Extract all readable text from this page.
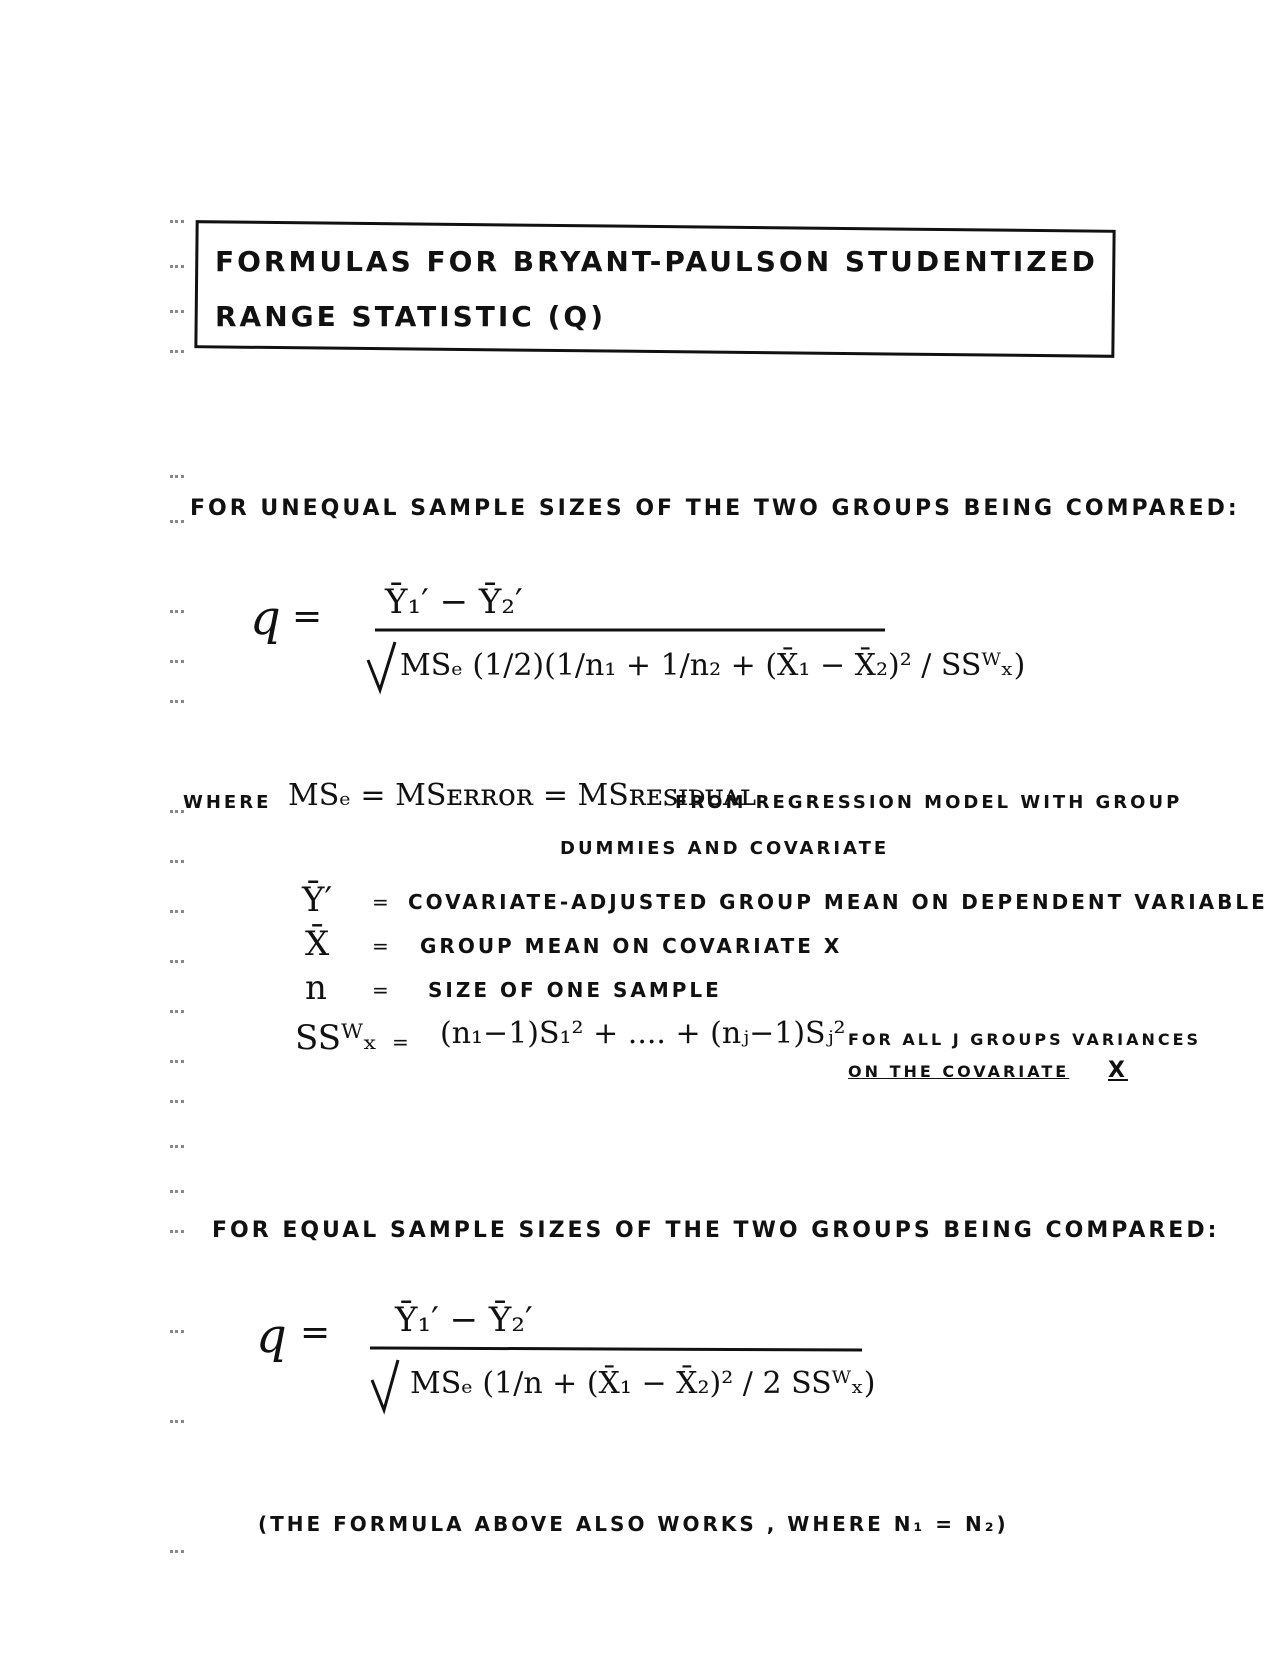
FORMULAS FOR BRYANT-PAULSON STUDENTIZED
RANGE STATISTIC (Q)
FOR UNEQUAL SAMPLE SIZES OF THE TWO GROUPS BEING COMPARED:
q = Ȳ₁′ − Ȳ₂′
MSₑ (1/2)(1/n₁ + 1/n₂ + (X̄₁ − X̄₂)² / SSᵂₓ)
WHERE MSₑ = MSᴇʀʀᴏʀ = MSʀᴇꜱɪᴅᴜᴀʟ
FROM REGRESSION MODEL WITH GROUP
DUMMIES AND COVARIATE
Ȳ′ = COVARIATE-ADJUSTED GROUP MEAN ON DEPENDENT VARIABLE
X̄ = GROUP MEAN ON COVARIATE X
n = SIZE OF ONE SAMPLE
SSᵂₓ = (n₁−1)S₁² + .... + (nⱼ−1)Sⱼ² FOR ALL J GROUPS VARIANCES
ON THE COVARIATE X
FOR EQUAL SAMPLE SIZES OF THE TWO GROUPS BEING COMPARED:
q = Ȳ₁′ − Ȳ₂′
MSₑ (1/n + (X̄₁ − X̄₂)² / 2 SSᵂₓ)
(THE FORMULA ABOVE ALSO WORKS , WHERE N₁ = N₂)
